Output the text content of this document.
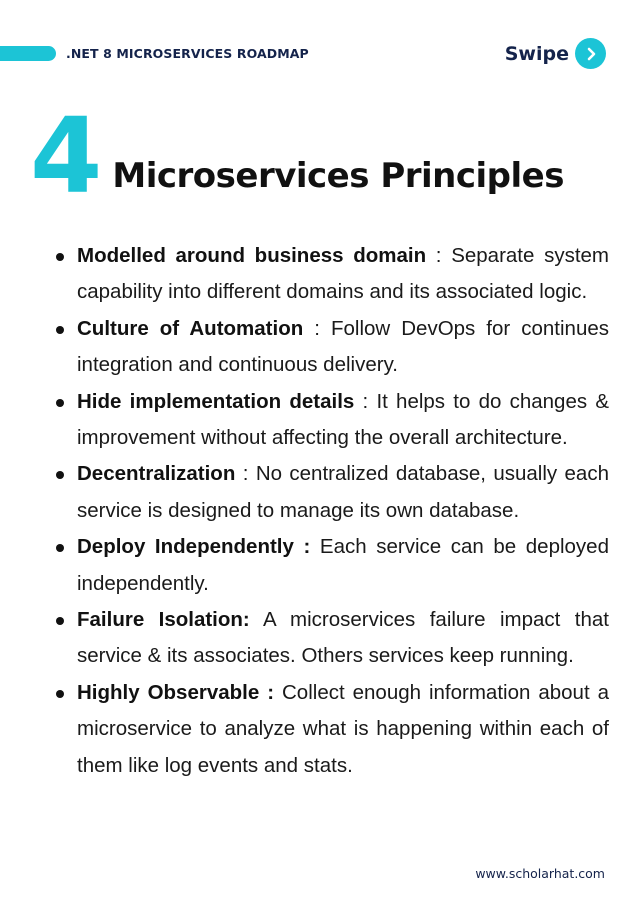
.NET 8 MICROSERVICES ROADMAP	Swipe
4 Microservices Principles
Modelled around business domain : Separate system capability into different domains and its associated logic.
Culture of Automation : Follow DevOps for continues integration and continuous delivery.
Hide implementation details : It helps to do changes & improvement without affecting the overall architecture.
Decentralization : No centralized database, usually each service is designed to manage its own database.
Deploy Independently : Each service can be deployed independently.
Failure Isolation: A microservices failure impact that service & its associates. Others services keep running.
Highly Observable : Collect enough information about a microservice to analyze what is happening within each of them like log events and stats.
www.scholarhat.com
